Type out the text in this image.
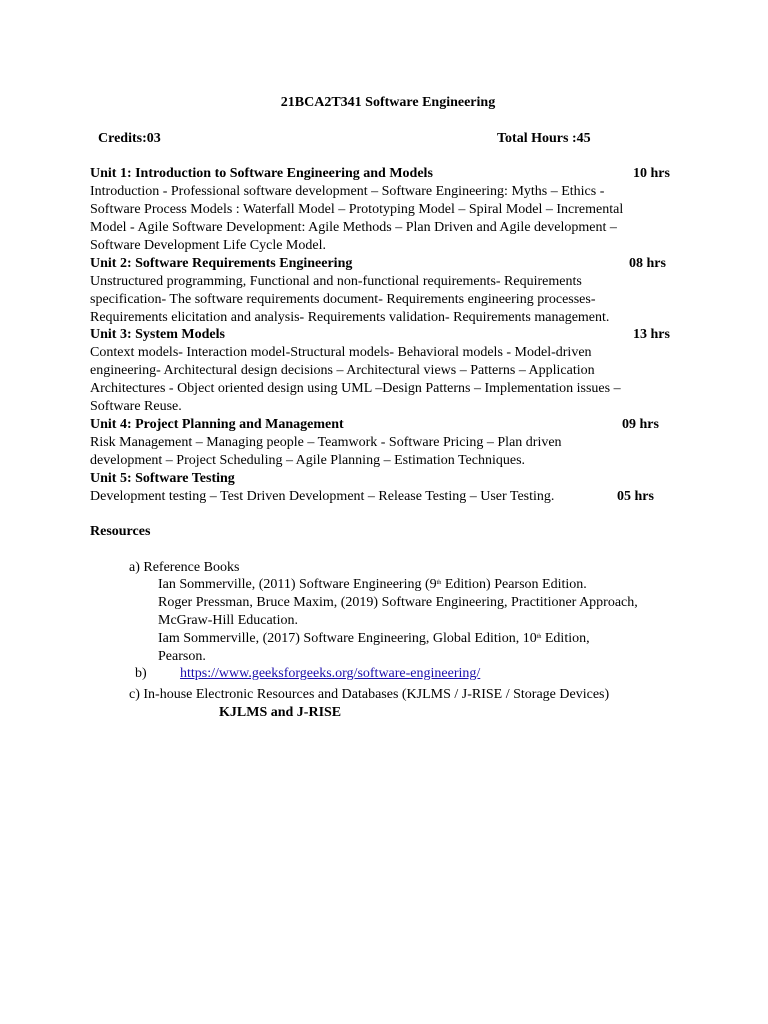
21BCA2T341 Software Engineering
Credits:03	Total Hours :45
Unit 1: Introduction to Software Engineering and Models	10 hrs
Introduction - Professional software development – Software Engineering: Myths – Ethics -
Software Process Models : Waterfall Model – Prototyping Model – Spiral Model – Incremental
Model - Agile Software Development: Agile Methods – Plan Driven and Agile development –
Software Development Life Cycle Model.
Unit 2: Software Requirements Engineering	08 hrs
Unstructured programming, Functional and non-functional requirements- Requirements
specification- The software requirements document- Requirements engineering processes-
Requirements elicitation and analysis- Requirements validation- Requirements management.
Unit 3: System Models	13 hrs
Context models- Interaction model-Structural models- Behavioral models - Model-driven
engineering- Architectural design decisions – Architectural views – Patterns – Application
Architectures - Object oriented design using UML –Design Patterns – Implementation issues –
Software Reuse.
Unit 4: Project Planning and Management	09 hrs
Risk Management – Managing people – Teamwork - Software Pricing – Plan driven
development – Project Scheduling – Agile Planning – Estimation Techniques.
Unit 5: Software Testing
Development testing – Test Driven Development – Release Testing – User Testing.	05 hrs
Resources
a) Reference Books
Ian Sommerville, (2011) Software Engineering (9th Edition) Pearson Edition.
Roger Pressman, Bruce Maxim, (2019) Software Engineering, Practitioner Approach,
McGraw-Hill Education.
Iam Sommerville, (2017) Software Engineering, Global Edition, 10th Edition,
Pearson.
b) https://www.geeksforgeeks.org/software-engineering/
c) In-house Electronic Resources and Databases (KJLMS / J-RISE / Storage Devices)
KJLMS and J-RISE
